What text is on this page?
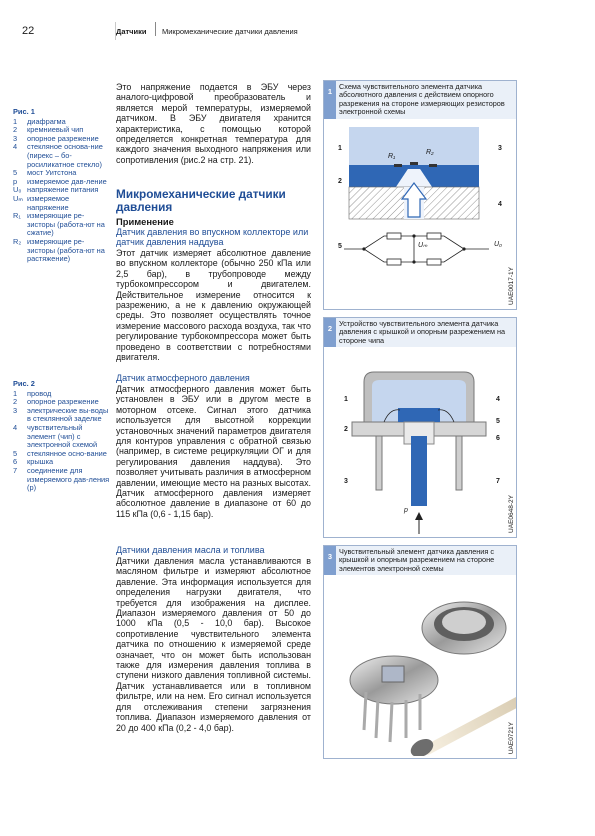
22	Датчики Микромеханические датчики давления
Рис. 1
1	диафрагма
2	кремниевый чип
3	опорное разрежение
4	стекляное основа-ние (пирекс – бо-росиликатное стекло)
5	мост Уитстона
p	измеряемое дав-ление
U₀ напряжение питания
Uₘ измеряемое напряжение
R₁ измеряющие ре-зисторы (работа-ют на сжатие)
R₂ измеряющие ре-зисторы (работа-ют на растяжение)
Рис. 2
1	провод
2	опорное разрежение
3	электрические вы-воды в стеклянной заделке
4	чувствительный элемент (чип) с электронной схемой
5	стеклянное осно-вание
6	крышка
7	соединение для измеряемого дав-ления (p)
Это напряжение подается в ЭБУ через аналого-цифровой преобразователь и является мерой температуры, измеряемой датчиком. В ЭБУ двигателя хранится характеристика, с помощью которой определяется конкретная температура для каждого значения выходного напряжения или сопротивления (рис.2 на стр. 21).
Микромеханические датчики давления
Применение
Датчик давления во впускном коллекторе или датчик давления наддува
Этот датчик измеряет абсолютное давление во впускном коллекторе (обычно 250 кПа или 2,5 бар), в трубопроводе между турбокомпрессором и двигателем. Действительное измерение относится к разрежению, а не к давлению окружающей среды. Это позволяет осуществлять точное измерение массового расхода воздуха, так что регулирование турбокомпрессора может быть проведено в соответствии с потребностями двигателя.
Датчик атмосферного давления
Датчик атмосферного давления может быть установлен в ЭБУ или в другом месте в моторном отсеке. Сигнал этого датчика используется для высотной коррекции установочных значений параметров двигателя для контуров управления с обратной связью (например, в системе рециркуляции ОГ и для регулирования давления наддува). Это позволяет учитывать различия в атмосферном давлении, имеющие место на разных высотах. Датчик атмосферного давления измеряет абсолютное давление в диапазоне от 60 до 115 кПа (0,6 - 1,15 бар).
Датчики давления масла и топлива
Датчики давления масла устанавливаются в масляном фильтре и измеряют абсолютное давление. Эта информация используется для определения нагрузки двигателя, что требуется для изображения на дисплее. Диапазон измеряемого давления от 50 до 1000 кПа (0,5 - 10,0 бар). Высокое сопротивление чувствительного элемента датчика по отношению к измеряемой среде означает, что он может быть использован также для измерения давления топлива в ступени низкого давления топливной системы. Датчик устанавливается или в топливном фильтре, или на нем. Его сигнал используется для отслеживания степени загрязнения топлива. Диапазон измеряемого давления от 20 до 400 кПа (0,2 - 4,0 бар).
1
Схема чувствительного элемента датчика абсолютного давления с действием опорного разрежения на стороне измеряющих резисторов электронной схемы
1
2
3
4
5
R₁
R₂
p
Uₘ	U₀
UAE0017-1Y
2
Устройство чувствительного элемента датчика давления с крышкой и опорным разрежением на стороне чипа
1
2
3
4
5
6
7
p	UAE0648-2Y
3
Чувствительный элемент датчика давления с крышкой и опорным разрежением на стороне элементов электронной схемы
UAE0721Y
